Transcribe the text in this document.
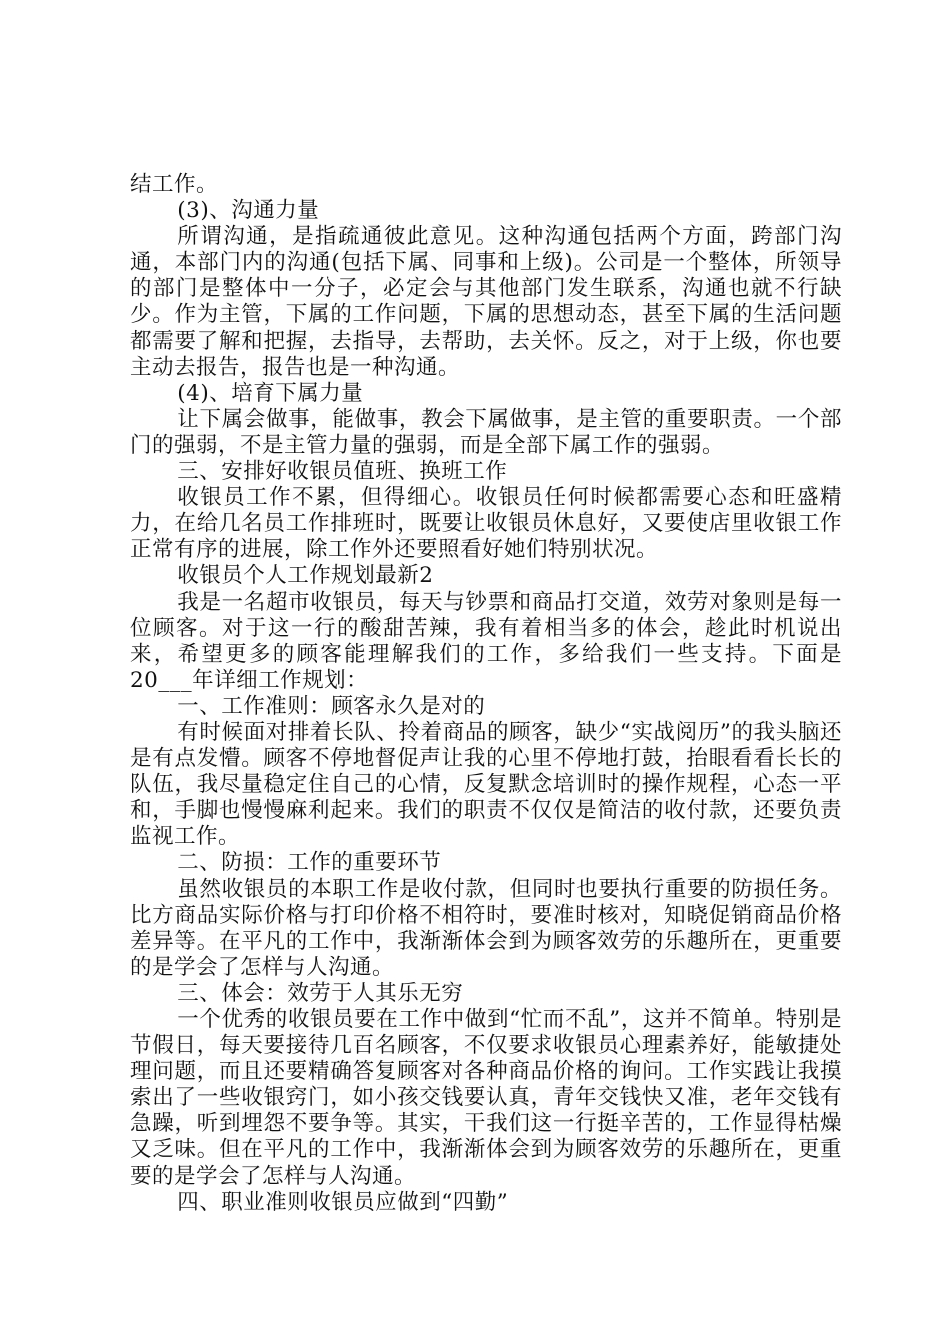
结工作。

(3)、沟通力量

所谓沟通，是指疏通彼此意见。这种沟通包括两个方面，跨部门沟通，本部门内的沟通(包括下属、同事和上级)。公司是一个整体，所领导的部门是整体中一分子，必定会与其他部门发生联系，沟通也就不行缺少。作为主管，下属的工作问题，下属的思想动态，甚至下属的生活问题都需要了解和把握，去指导，去帮助，去关怀。反之，对于上级，你也要主动去报告，报告也是一种沟通。

(4)、培育下属力量

让下属会做事，能做事，教会下属做事，是主管的重要职责。一个部门的强弱，不是主管力量的强弱，而是全部下属工作的强弱。

三、安排好收银员值班、换班工作

收银员工作不累，但得细心。收银员任何时候都需要心态和旺盛精力，在给几名员工作排班时，既要让收银员休息好，又要使店里收银工作正常有序的进展，除工作外还要照看好她们特别状况。

收银员个人工作规划最新2

我是一名超市收银员，每天与钞票和商品打交道，效劳对象则是每一位顾客。对于这一行的酸甜苦辣，我有着相当多的体会，趁此时机说出来，希望更多的顾客能理解我们的工作，多给我们一些支持。下面是20___年详细工作规划：

一、工作准则：顾客永久是对的

有时候面对排着长队、拎着商品的顾客，缺少“实战阅历”的我头脑还是有点发懵。顾客不停地督促声让我的心里不停地打鼓，抬眼看看长长的队伍，我尽量稳定住自己的心情，反复默念培训时的操作规程，心态一平和，手脚也慢慢麻利起来。我们的职责不仅仅是简洁的收付款，还要负责监视工作。

二、防损：工作的重要环节

虽然收银员的本职工作是收付款，但同时也要执行重要的防损任务。比方商品实际价格与打印价格不相符时，要准时核对，知晓促销商品价格差异等。在平凡的工作中，我渐渐体会到为顾客效劳的乐趣所在，更重要的是学会了怎样与人沟通。

三、体会：效劳于人其乐无穷

一个优秀的收银员要在工作中做到“忙而不乱”，这并不简单。特别是节假日，每天要接待几百名顾客，不仅要求收银员心理素养好，能敏捷处理问题，而且还要精确答复顾客对各种商品价格的询问。工作实践让我摸索出了一些收银窍门，如小孩交钱要认真，青年交钱快又准，老年交钱有急躁，听到埋怨不要争等。其实，干我们这一行挺辛苦的，工作显得枯燥又乏味。但在平凡的工作中，我渐渐体会到为顾客效劳的乐趣所在，更重要的是学会了怎样与人沟通。

四、职业准则收银员应做到“四勤”
